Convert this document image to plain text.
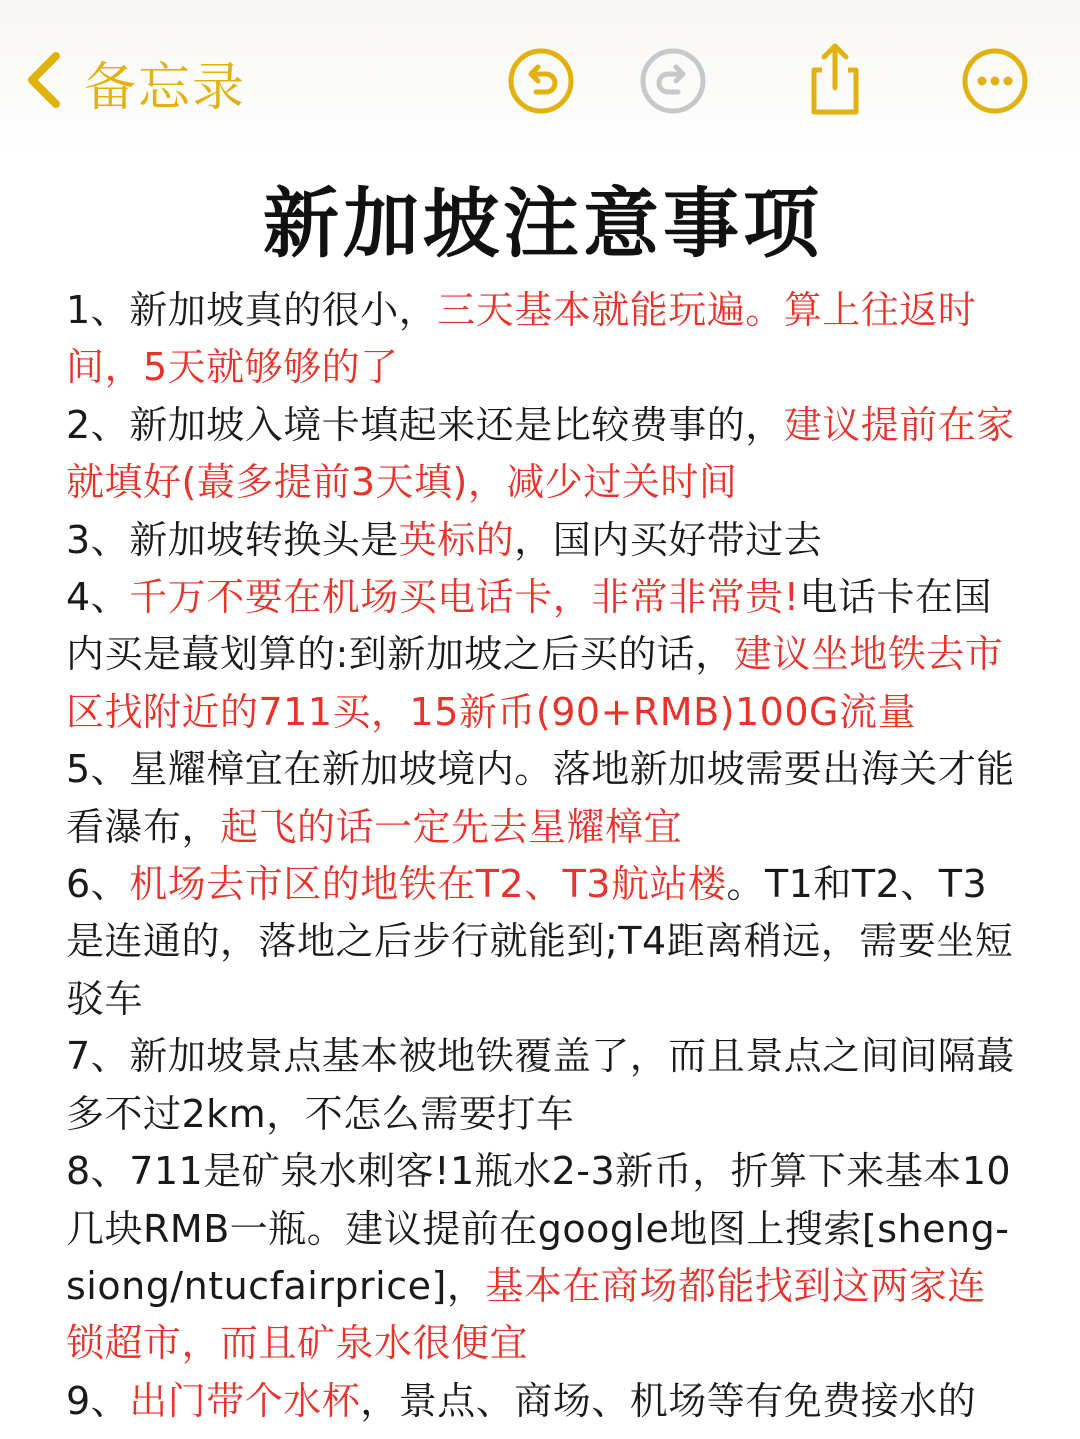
备忘录
新加坡注意事项

1、新加坡真的很小，三天基本就能玩遍。算上往返时间，5天就够够的了

2、新加坡入境卡填起来还是比较费事的，建议提前在家就填好(蕞多提前3天填)，减少过关时间

3、新加坡转换头是英标的，国内买好带过去

4、千万不要在机场买电话卡，非常非常贵!电话卡在国内买是蕞划算的:到新加坡之后买的话，建议坐地铁去市区找附近的711买，15新币(90+RMB)100G流量

5、星耀樟宜在新加坡境内。落地新加坡需要出海关才能看瀑布，起飞的话一定先去星耀樟宜

6、机场去市区的地铁在T2、T3航站楼。T1和T2、T3是连通的，落地之后步行就能到;T4距离稍远，需要坐短驳车

7、新加坡景点基本被地铁覆盖了，而且景点之间间隔蕞多不过2km，不怎么需要打车

8、711是矿泉水刺客!1瓶水2-3新币，折算下来基本10几块RMB一瓶。建议提前在google地图上搜索[sheng-siong/ntucfairprice]，基本在商场都能找到这两家连锁超市，而且矿泉水很便宜

9、出门带个水杯，景点、商场、机场等有免费接水的
